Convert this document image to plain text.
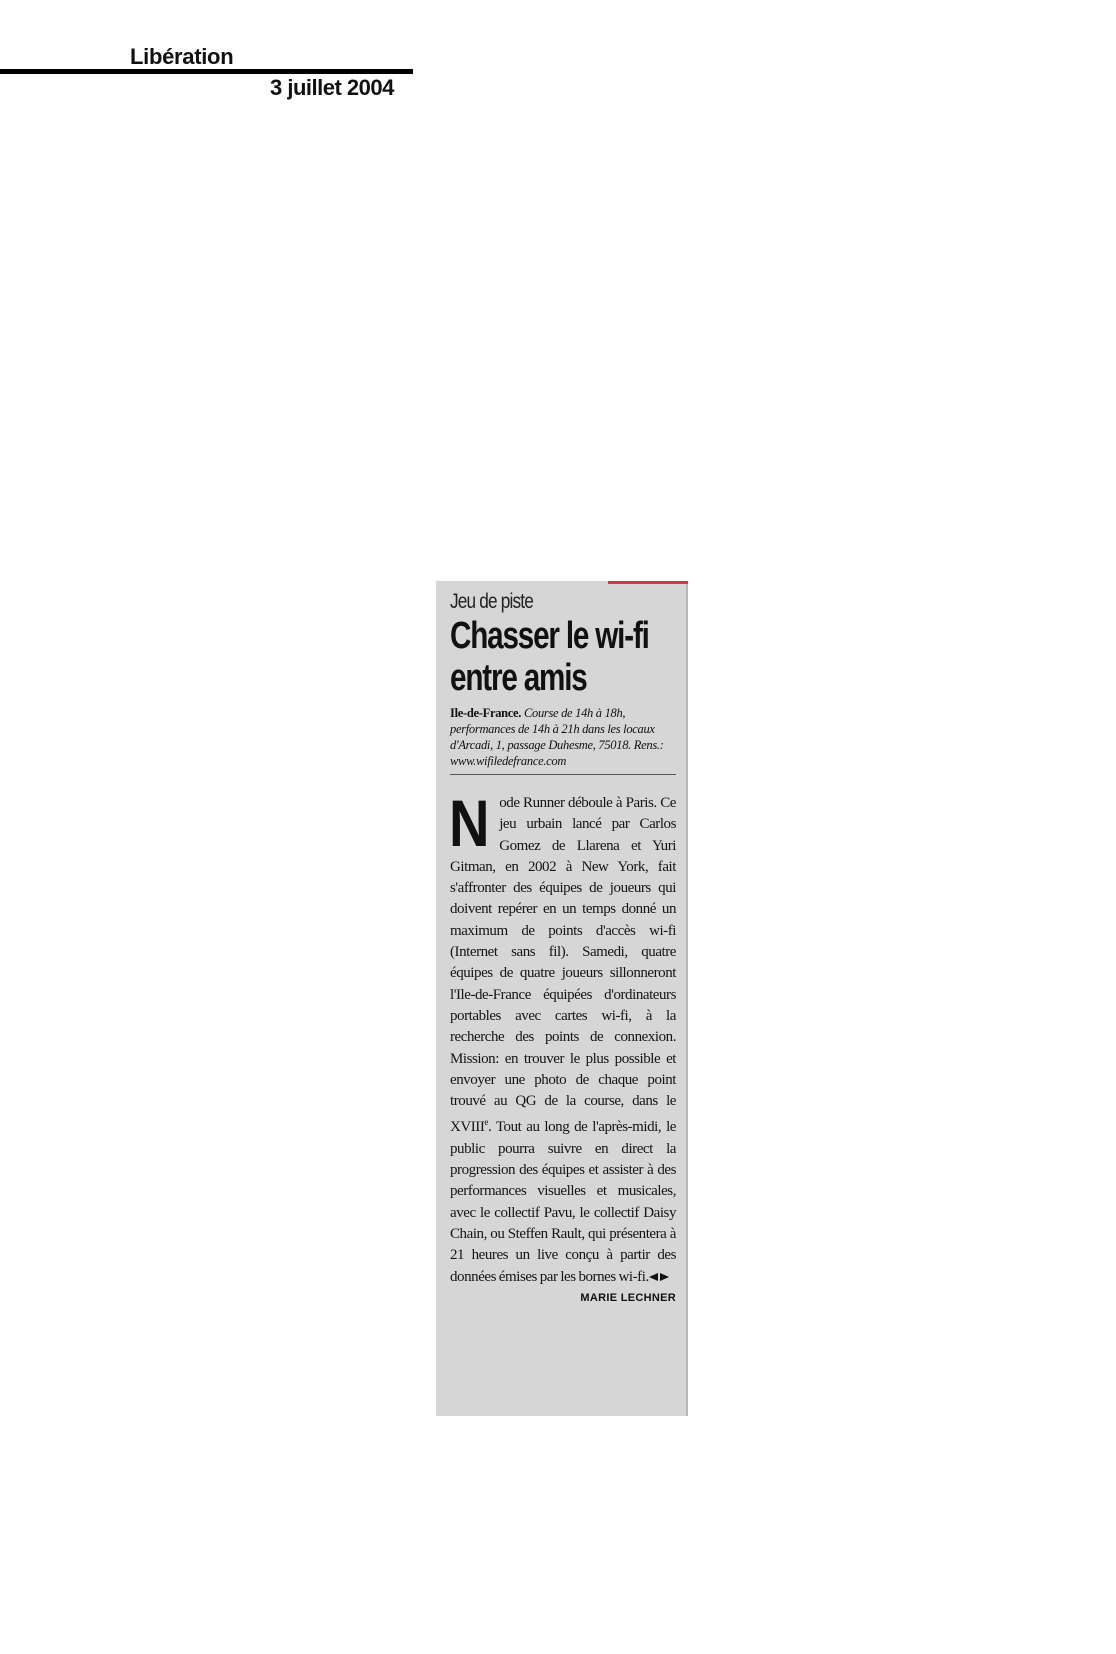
Libération
3 juillet 2004
Jeu de piste
Chasser le wi-fi
entre amis
Ile-de-France. Course de 14h à 18h, performances de 14h à 21h dans les locaux d'Arcadi, 1, passage Duhesme, 75018. Rens.: www.wifiledefrance.com
N ode Runner déboule à Paris. Ce jeu urbain lancé par Carlos Gomez de Llarena et Yuri Gitman, en 2002 à New York, fait s'affronter des équipes de joueurs qui doivent repérer en un temps donné un maximum de points d'accès wi-fi (Internet sans fil). Samedi, quatre équipes de quatre joueurs sillonneront l'Ile-de-France équipées d'ordinateurs portables avec cartes wi-fi, à la recherche des points de connexion. Mission: en trouver le plus possible et envoyer une photo de chaque point trouvé au QG de la course, dans le XVIIIe. Tout au long de l'après-midi, le public pourra suivre en direct la progression des équipes et assister à des performances visuelles et musicales, avec le collectif Pavu, le collectif Daisy Chain, ou Steffen Rault, qui présentera à 21 heures un live conçu à partir des données émises par les bornes wi-fi.
MARIE LECHNER
